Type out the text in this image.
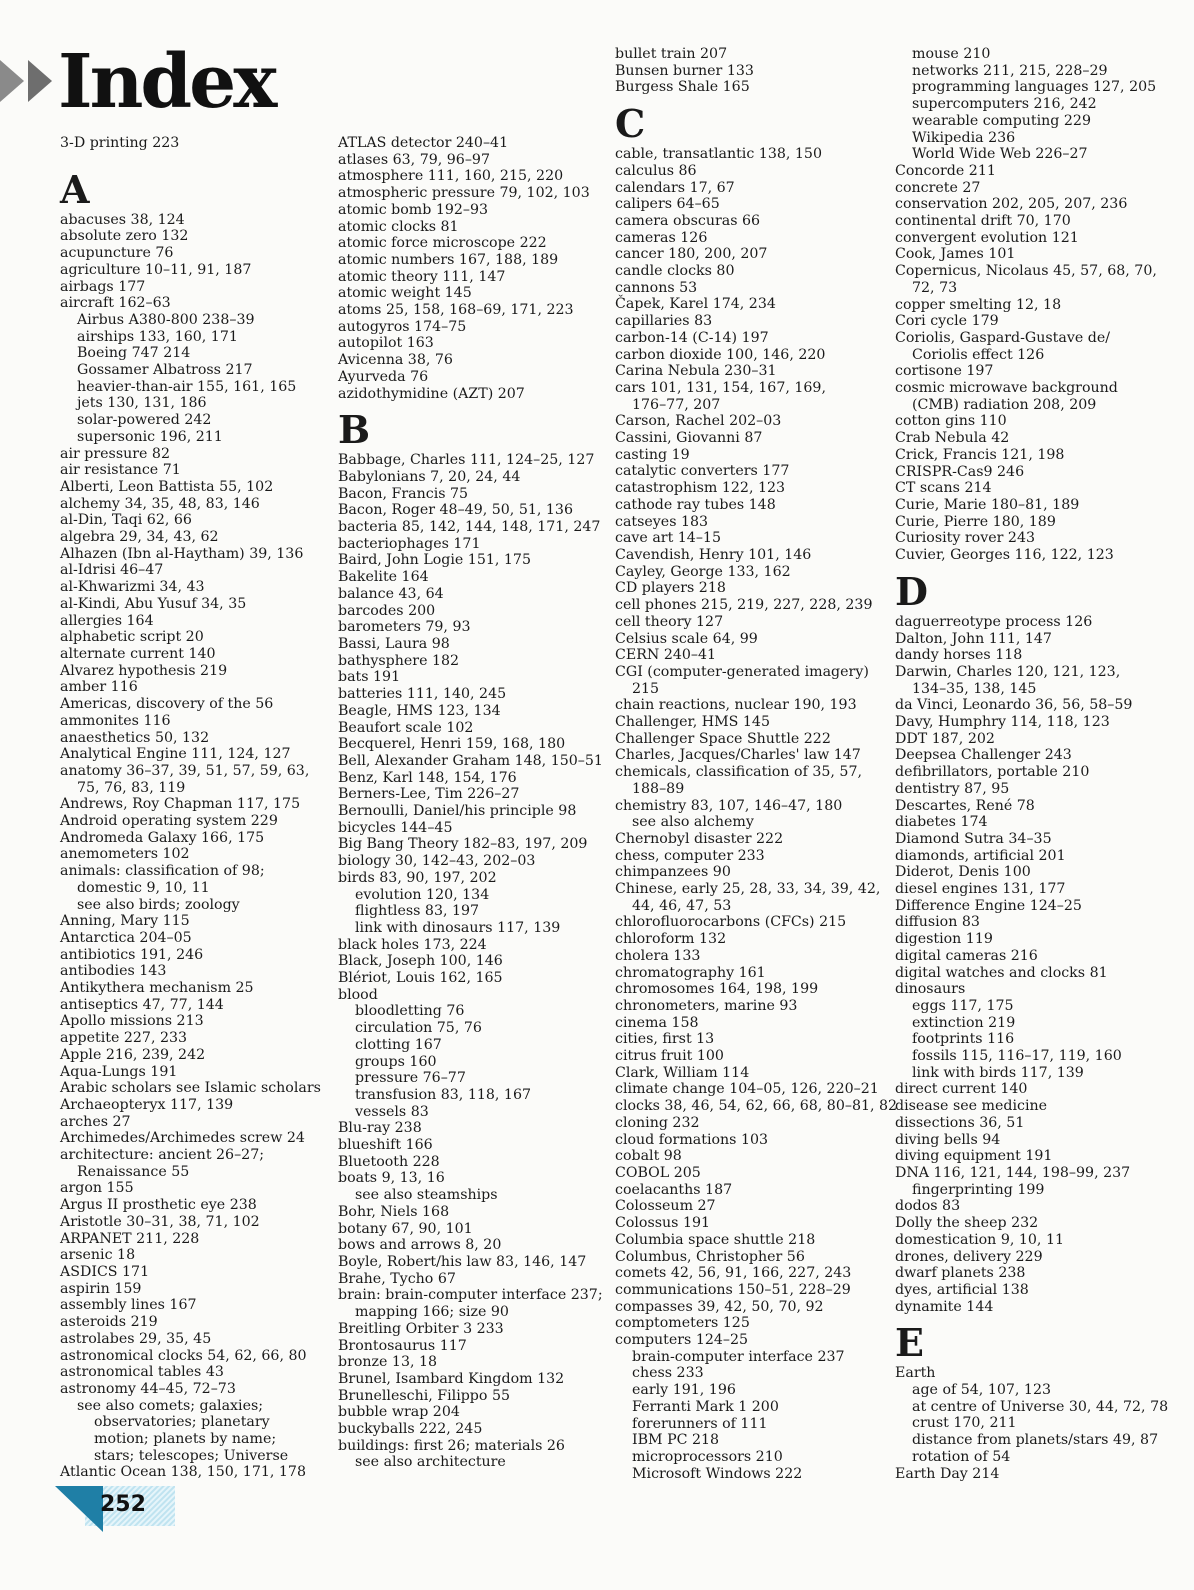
Index
3-D printing 223
A
abacuses 38, 124
absolute zero 132
acupuncture 76
agriculture 10–11, 91, 187
airbags 177
aircraft 162–63
Airbus A380-800 238–39
airships 133, 160, 171
Boeing 747 214
Gossamer Albatross 217
heavier-than-air 155, 161, 165
jets 130, 131, 186
solar-powered 242
supersonic 196, 211
air pressure 82
air resistance 71
Alberti, Leon Battista 55, 102
alchemy 34, 35, 48, 83, 146
al-Din, Taqi 62, 66
algebra 29, 34, 43, 62
Alhazen (Ibn al-Haytham) 39, 136
al-Idrisi 46–47
al-Khwarizmi 34, 43
al-Kindi, Abu Yusuf 34, 35
allergies 164
alphabetic script 20
alternate current 140
Alvarez hypothesis 219
amber 116
Americas, discovery of the 56
ammonites 116
anaesthetics 50, 132
Analytical Engine 111, 124, 127
anatomy 36–37, 39, 51, 57, 59, 63,
75, 76, 83, 119
Andrews, Roy Chapman 117, 175
Android operating system 229
Andromeda Galaxy 166, 175
anemometers 102
animals: classification of 98;
domestic 9, 10, 11
see also birds; zoology
Anning, Mary 115
Antarctica 204–05
antibiotics 191, 246
antibodies 143
Antikythera mechanism 25
antiseptics 47, 77, 144
Apollo missions 213
appetite 227, 233
Apple 216, 239, 242
Aqua-Lungs 191
Arabic scholars see Islamic scholars
Archaeopteryx 117, 139
arches 27
Archimedes/Archimedes screw 24
architecture: ancient 26–27;
Renaissance 55
argon 155
Argus II prosthetic eye 238
Aristotle 30–31, 38, 71, 102
ARPANET 211, 228
arsenic 18
ASDICS 171
aspirin 159
assembly lines 167
asteroids 219
astrolabes 29, 35, 45
astronomical clocks 54, 62, 66, 80
astronomical tables 43
astronomy 44–45, 72–73
see also comets; galaxies;
observatories; planetary
motion; planets by name;
stars; telescopes; Universe
Atlantic Ocean 138, 150, 171, 178
ATLAS detector 240–41
atlases 63, 79, 96–97
atmosphere 111, 160, 215, 220
atmospheric pressure 79, 102, 103
atomic bomb 192–93
atomic clocks 81
atomic force microscope 222
atomic numbers 167, 188, 189
atomic theory 111, 147
atomic weight 145
atoms 25, 158, 168–69, 171, 223
autogyros 174–75
autopilot 163
Avicenna 38, 76
Ayurveda 76
azidothymidine (AZT) 207
B
Babbage, Charles 111, 124–25, 127
Babylonians 7, 20, 24, 44
Bacon, Francis 75
Bacon, Roger 48–49, 50, 51, 136
bacteria 85, 142, 144, 148, 171, 247
bacteriophages 171
Baird, John Logie 151, 175
Bakelite 164
balance 43, 64
barcodes 200
barometers 79, 93
Bassi, Laura 98
bathysphere 182
bats 191
batteries 111, 140, 245
Beagle, HMS 123, 134
Beaufort scale 102
Becquerel, Henri 159, 168, 180
Bell, Alexander Graham 148, 150–51
Benz, Karl 148, 154, 176
Berners-Lee, Tim 226–27
Bernoulli, Daniel/his principle 98
bicycles 144–45
Big Bang Theory 182–83, 197, 209
biology 30, 142–43, 202–03
birds 83, 90, 197, 202
evolution 120, 134
flightless 83, 197
link with dinosaurs 117, 139
black holes 173, 224
Black, Joseph 100, 146
Blériot, Louis 162, 165
blood
bloodletting 76
circulation 75, 76
clotting 167
groups 160
pressure 76–77
transfusion 83, 118, 167
vessels 83
Blu-ray 238
blueshift 166
Bluetooth 228
boats 9, 13, 16
see also steamships
Bohr, Niels 168
botany 67, 90, 101
bows and arrows 8, 20
Boyle, Robert/his law 83, 146, 147
Brahe, Tycho 67
brain: brain-computer interface 237;
mapping 166; size 90
Breitling Orbiter 3 233
Brontosaurus 117
bronze 13, 18
Brunel, Isambard Kingdom 132
Brunelleschi, Filippo 55
bubble wrap 204
buckyballs 222, 245
buildings: first 26; materials 26
see also architecture
bullet train 207
Bunsen burner 133
Burgess Shale 165
C
cable, transatlantic 138, 150
calculus 86
calendars 17, 67
calipers 64–65
camera obscuras 66
cameras 126
cancer 180, 200, 207
candle clocks 80
cannons 53
Čapek, Karel 174, 234
capillaries 83
carbon-14 (C-14) 197
carbon dioxide 100, 146, 220
Carina Nebula 230–31
cars 101, 131, 154, 167, 169,
176–77, 207
Carson, Rachel 202–03
Cassini, Giovanni 87
casting 19
catalytic converters 177
catastrophism 122, 123
cathode ray tubes 148
catseyes 183
cave art 14–15
Cavendish, Henry 101, 146
Cayley, George 133, 162
CD players 218
cell phones 215, 219, 227, 228, 239
cell theory 127
Celsius scale 64, 99
CERN 240–41
CGI (computer-generated imagery)
215
chain reactions, nuclear 190, 193
Challenger, HMS 145
Challenger Space Shuttle 222
Charles, Jacques/Charles' law 147
chemicals, classification of 35, 57,
188–89
chemistry 83, 107, 146–47, 180
see also alchemy
Chernobyl disaster 222
chess, computer 233
chimpanzees 90
Chinese, early 25, 28, 33, 34, 39, 42,
44, 46, 47, 53
chlorofluorocarbons (CFCs) 215
chloroform 132
cholera 133
chromatography 161
chromosomes 164, 198, 199
chronometers, marine 93
cinema 158
cities, first 13
citrus fruit 100
Clark, William 114
climate change 104–05, 126, 220–21
clocks 38, 46, 54, 62, 66, 68, 80–81, 82
cloning 232
cloud formations 103
cobalt 98
COBOL 205
coelacanths 187
Colosseum 27
Colossus 191
Columbia space shuttle 218
Columbus, Christopher 56
comets 42, 56, 91, 166, 227, 243
communications 150–51, 228–29
compasses 39, 42, 50, 70, 92
comptometers 125
computers 124–25
brain-computer interface 237
chess 233
early 191, 196
Ferranti Mark 1 200
forerunners of 111
IBM PC 218
microprocessors 210
Microsoft Windows 222
mouse 210
networks 211, 215, 228–29
programming languages 127, 205
supercomputers 216, 242
wearable computing 229
Wikipedia 236
World Wide Web 226–27
Concorde 211
concrete 27
conservation 202, 205, 207, 236
continental drift 70, 170
convergent evolution 121
Cook, James 101
Copernicus, Nicolaus 45, 57, 68, 70,
72, 73
copper smelting 12, 18
Cori cycle 179
Coriolis, Gaspard-Gustave de/
Coriolis effect 126
cortisone 197
cosmic microwave background
(CMB) radiation 208, 209
cotton gins 110
Crab Nebula 42
Crick, Francis 121, 198
CRISPR-Cas9 246
CT scans 214
Curie, Marie 180–81, 189
Curie, Pierre 180, 189
Curiosity rover 243
Cuvier, Georges 116, 122, 123
D
daguerreotype process 126
Dalton, John 111, 147
dandy horses 118
Darwin, Charles 120, 121, 123,
134–35, 138, 145
da Vinci, Leonardo 36, 56, 58–59
Davy, Humphry 114, 118, 123
DDT 187, 202
Deepsea Challenger 243
defibrillators, portable 210
dentistry 87, 95
Descartes, René 78
diabetes 174
Diamond Sutra 34–35
diamonds, artificial 201
Diderot, Denis 100
diesel engines 131, 177
Difference Engine 124–25
diffusion 83
digestion 119
digital cameras 216
digital watches and clocks 81
dinosaurs
eggs 117, 175
extinction 219
footprints 116
fossils 115, 116–17, 119, 160
link with birds 117, 139
direct current 140
disease see medicine
dissections 36, 51
diving bells 94
diving equipment 191
DNA 116, 121, 144, 198–99, 237
fingerprinting 199
dodos 83
Dolly the sheep 232
domestication 9, 10, 11
drones, delivery 229
dwarf planets 238
dyes, artificial 138
dynamite 144
E
Earth
age of 54, 107, 123
at centre of Universe 30, 44, 72, 78
crust 170, 211
distance from planets/stars 49, 87
rotation of 54
Earth Day 214
252
